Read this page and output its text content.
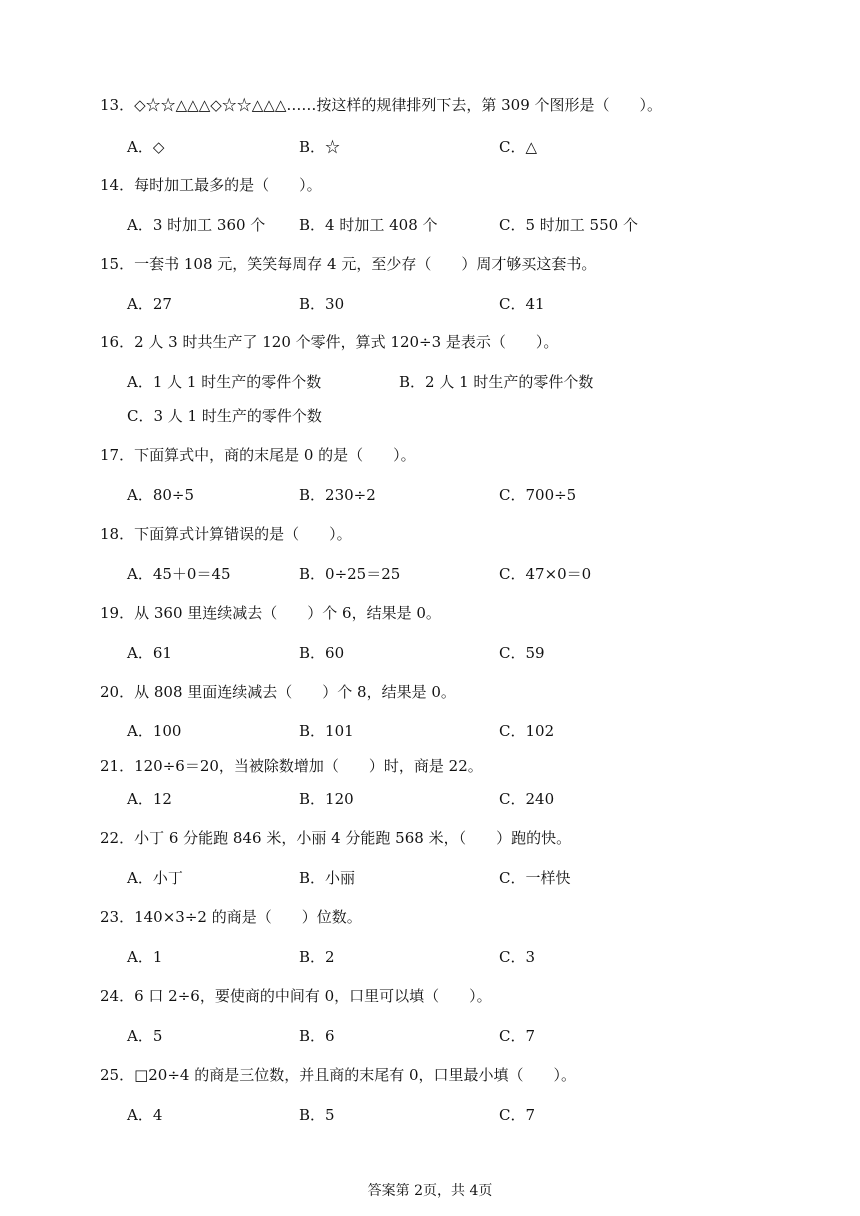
13．◇☆☆△△△◇☆☆△△△……按这样的规律排列下去，第 309 个图形是（　　）。
A．◇	B．☆	C．△
14．每时加工最多的是（　　）。
A．3 时加工 360 个 B．4 时加工 408 个	C．5 时加工 550 个
15．一套书 108 元，笑笑每周存 4 元，至少存（　　）周才够买这套书。
A．27	B．30	C．41
16．2 人 3 时共生产了 120 个零件，算式 120÷3 是表示（　　）。
A．1 人 1 时生产的零件个数	B．2 人 1 时生产的零件个数
C．3 人 1 时生产的零件个数
17．下面算式中，商的末尾是 0 的是（　　）。
A．80÷5	B．230÷2	C．700÷5
18．下面算式计算错误的是（　　）。
A．45＋0＝45	B．0÷25＝25	C．47×0＝0
19．从 360 里连续减去（　　）个 6，结果是 0。
A．61	B．60	C．59
20．从 808 里面连续减去（　　）个 8，结果是 0。
A．100	B．101	C．102
21．120÷6＝20，当被除数增加（　　）时，商是 22。
A．12	B．120	C．240
22．小丁 6 分能跑 846 米，小丽 4 分能跑 568 米，（　　）跑的快。
A．小丁	B．小丽	C．一样快
23．140×3÷2 的商是（　　）位数。
A．1	B．2	C．3
24．6 口 2÷6，要使商的中间有 0，口里可以填（　　）。
A．5	B．6	C．7
25．□20÷4 的商是三位数，并且商的末尾有 0，口里最小填（　　）。
A．4	B．5	C．7
答案第 2页，共 4页
